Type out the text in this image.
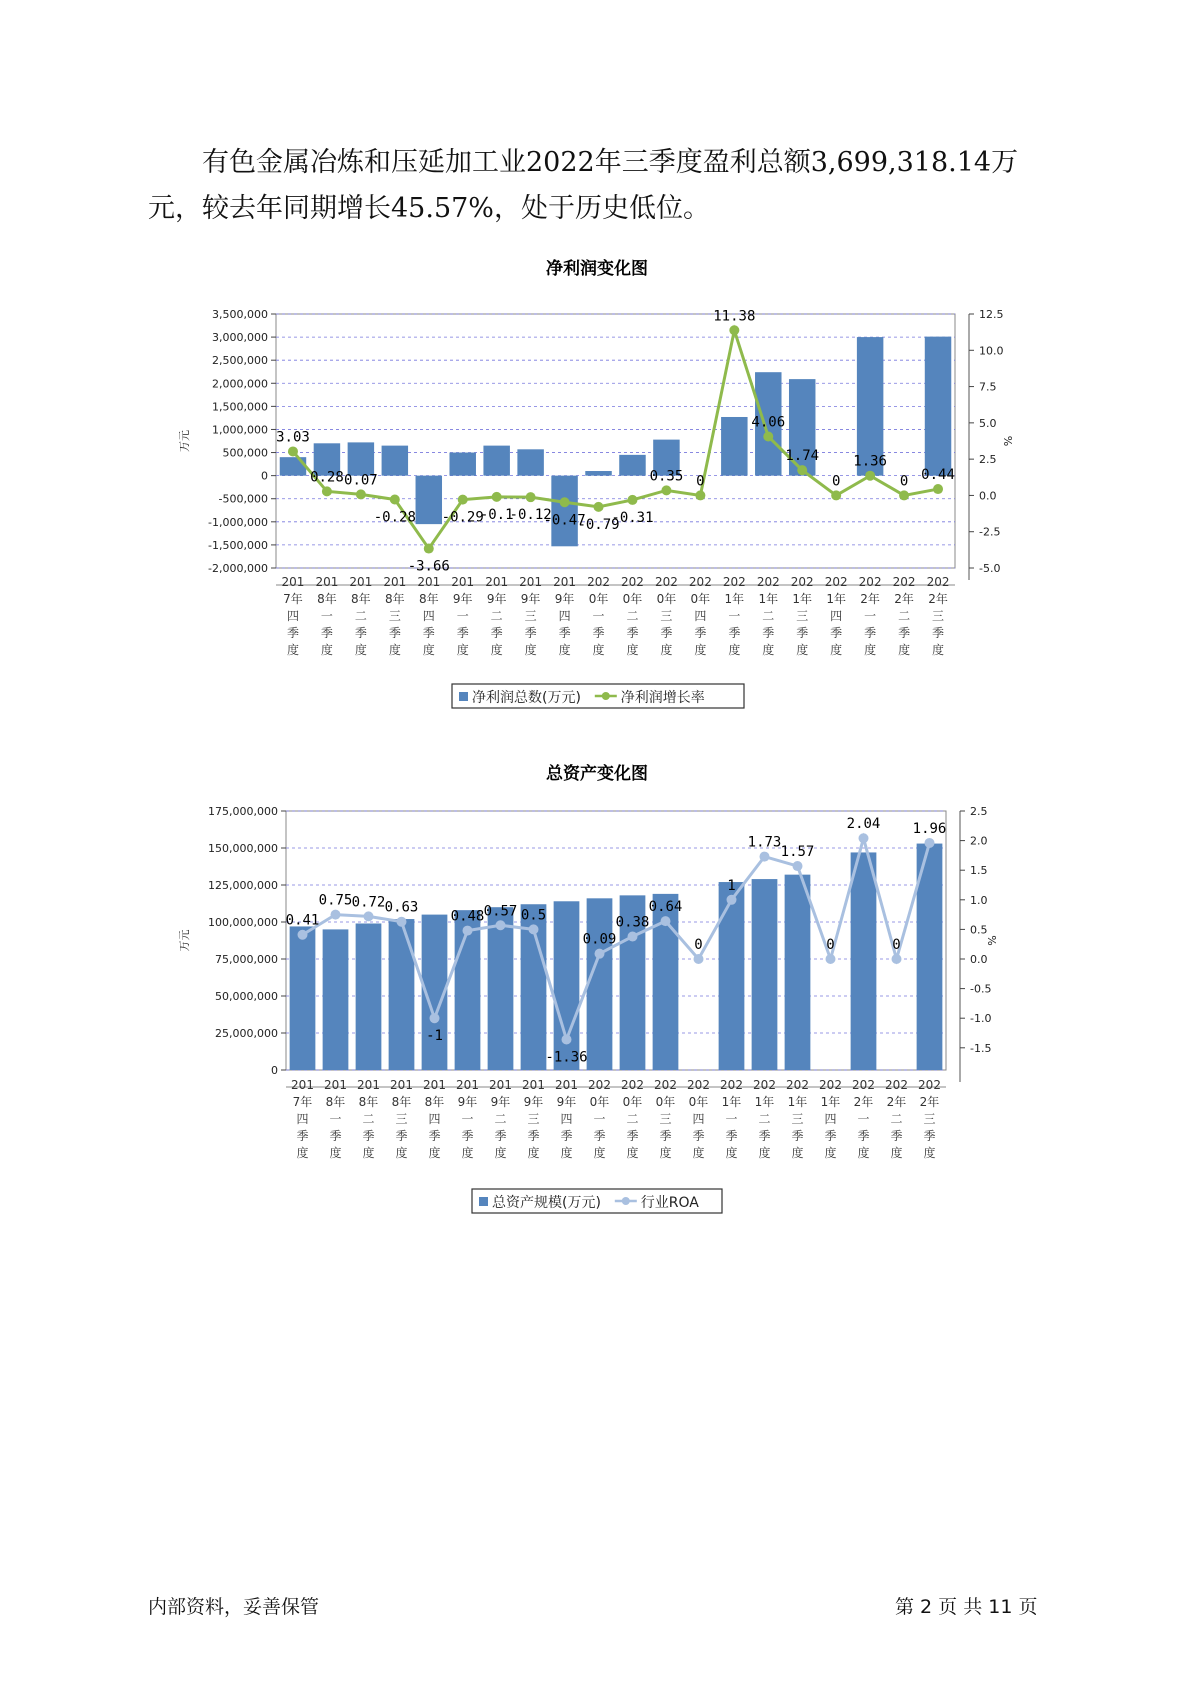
有色金属冶炼和压延加工业2022年三季度盈利总额3,699,318.14万

元，较去年同期增长45.57%，处于历史低位。

净利润变化图
3,500,000
3,000,000
2,500,000
2,000,000
1,500,000
1,000,000
500,000
0
-500,000
-1,000,000
-1,500,000
-2,000,000
12.5
10.0
7.5
5.0
2.5
0.0
-2.5
-5.0
万元	%
3.03
0.28 0.07
-0.28
-3.66
-0.29
-0.1
-0.12
-0.47
-0.79
-0.31
0.35 0
11.38
4.06
1.74
0
1.36
0 0.44
201 7年四季度
201 8年一季度
201 8年二季度
201 8年三季度
201 8年四季度
201 9年一季度
201 9年二季度
201 9年三季度
201 9年四季度
202 0年一季度
202 0年二季度
202 0年三季度
202 0年四季度
202 1年一季度
202 1年二季度
202 1年三季度
202 1年四季度
202 2年一季度
202 2年二季度
202 2年三季度
净利润总数(万元)	净利润增长率
总资产变化图
175,000,000
150,000,000
125,000,000
100,000,000
75,000,000
50,000,000
25,000,000
0
2.5
2.0
1.5
1.0
0.5
0.0
-0.5
-1.0
-1.5
万元	%
0.41
0.75 0.72 0.63
-1
0.48 0.57 0.5
-1.36
0.09
0.38
0.64
0
1
1.73
1.57
0
2.04
0
1.96
201 7年四季度
201 8年一季度
201 8年二季度
201 8年三季度
201 8年四季度
201 9年一季度
201 9年二季度
201 9年三季度
201 9年四季度
202 0年一季度
202 0年二季度
202 0年三季度
202 0年四季度
202 1年一季度
202 1年二季度
202 1年三季度
202 1年四季度
202 2年一季度
202 2年二季度
202 2年三季度
总资产规模(万元)	行业ROA
内部资料，妥善保管	第 2 页 共 11 页
